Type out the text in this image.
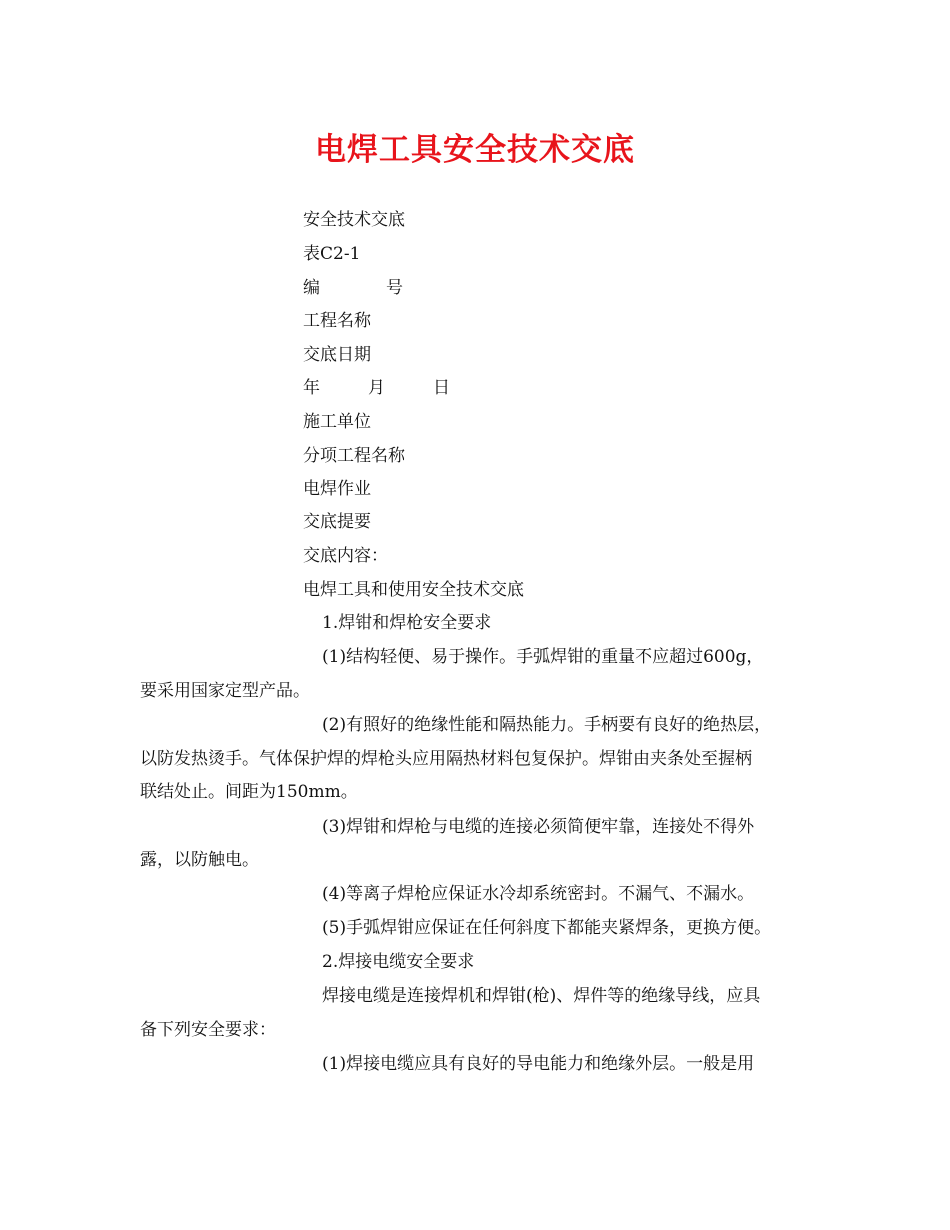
电焊工具安全技术交底
安全技术交底
表C2-1
编	号
工程名称
交底日期
年	月	日
施工单位
分项工程名称
电焊作业
交底提要
交底内容：
电焊工具和使用安全技术交底
1.焊钳和焊枪安全要求
(1)结构轻便、易于操作。手弧焊钳的重量不应超过600g，
要采用国家定型产品。
(2)有照好的绝缘性能和隔热能力。手柄要有良好的绝热层，
以防发热烫手。气体保护焊的焊枪头应用隔热材料包复保护。焊钳由夹条处至握柄
联结处止。间距为150mm。
(3)焊钳和焊枪与电缆的连接必须简便牢靠，连接处不得外
露，以防触电。
(4)等离子焊枪应保证水冷却系统密封。不漏气、不漏水。
(5)手弧焊钳应保证在任何斜度下都能夹紧焊条，更换方便。
2.焊接电缆安全要求
焊接电缆是连接焊机和焊钳(枪)、焊件等的绝缘导线，应具
备下列安全要求：
(1)焊接电缆应具有良好的导电能力和绝缘外层。一般是用
